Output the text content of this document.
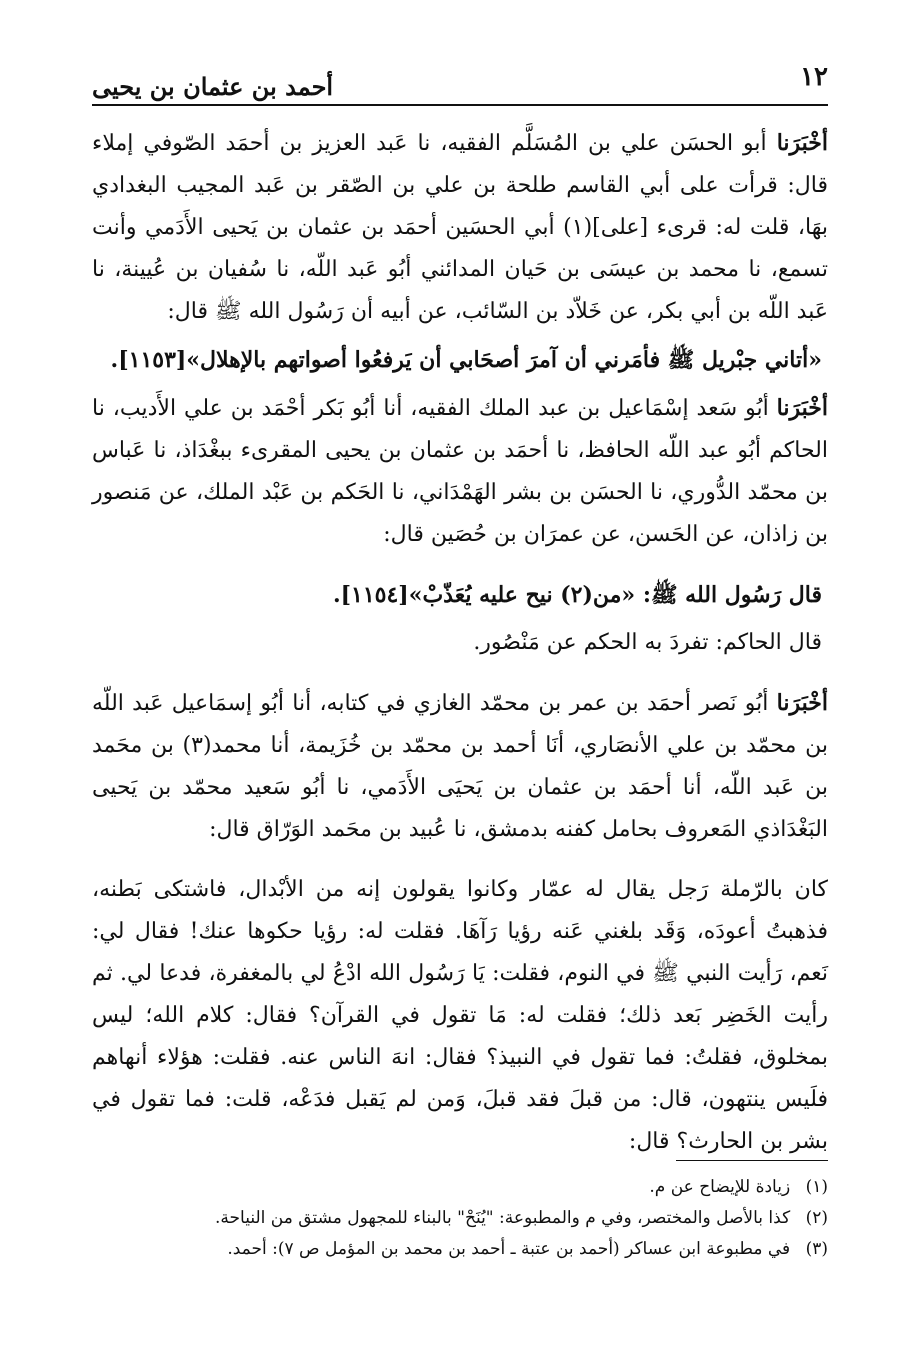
١٢
أحمد بن عثمان بن يحيى

أخْبَرَنا أبو الحسَن علي بن المُسَلَّم الفقيه، نا عَبد العزيز بن أحمَد الصّوفي إملاء قال: قرأت على أبي القاسم طلحة بن علي بن الصّقر بن عَبد المجيب البغدادي بهَا، قلت له: قرىء [على](١) أبي الحسَين أحمَد بن عثمان بن يَحيى الأَدَمي وأنت تسمع، نا محمد بن عيسَى بن حَيان المدائني أبُو عَبد اللّه، نا سُفيان بن عُيينة، نا عَبد اللّه بن أبي بكر، عن خَلاّد بن السّائب، عن أبيه أن رَسُول الله ﷺ قال:

«أتاني جبْريل ﷺ فأمَرني أن آمرَ أصحَابي أن يَرفعُوا أصواتهم بالإهلال»[١١٥٣].

أخْبَرَنا أبُو سَعد إسْمَاعيل بن عبد الملك الفقيه، أنا أبُو بَكر أحْمَد بن علي الأَديب، نا الحاكم أبُو عبد اللّه الحافظ، نا أحمَد بن عثمان بن يحيى المقرىء ببغْدَاذ، نا عَباس بن محمّد الدُّوري، نا الحسَن بن بشر الهَمْدَاني، نا الحَكم بن عَبْد الملك، عن مَنصور بن زاذان، عن الحَسن، عن عمرَان بن حُصَين قال:

قال رَسُول الله ﷺ: «من(٢) نيح عليه يُعَذّبْ»[١١٥٤].

قال الحاكم: تفردَ به الحكم عن مَنْصُور.

أخْبَرَنا أبُو نَصر أحمَد بن عمر بن محمّد الغازي في كتابه، أنا أبُو إسمَاعيل عَبد اللّه بن محمّد بن علي الأنصَاري، أنَا أحمد بن محمّد بن خُزَيمة، أنا محمد(٣) بن محَمد بن عَبد اللّه، أنا أحمَد بن عثمان بن يَحيَى الأَدَمي، نا أبُو سَعيد محمّد بن يَحيى البَغْدَاذي المَعروف بحامل كفنه بدمشق، نا عُبيد بن محَمد الوَرّاق قال:

كان بالرّملة رَجل يقال له عمّار وكانوا يقولون إنه من الأبْدال، فاشتكى بَطنه، فذهبتُ أعودَه، وَقَد بلغني عَنه رؤيا رَآهَا. فقلت له: رؤيا حكوها عنك! فقال لي: نَعم، رَأيت النبي ﷺ في النوم، فقلت: يَا رَسُول الله ادْعُ لي بالمغفرة، فدعا لي. ثم رأيت الخَضِر بَعد ذلك؛ فقلت له: مَا تقول في القرآن؟ فقال: كلام الله؛ ليس بمخلوق، فقلتُ: فما تقول في النبيذ؟ فقال: انهَ الناس عنه. فقلت: هؤلاء أنهاهم فلَيس ينتهون، قال: من قبلَ فقد قبلَ، وَمن لم يَقبل فدَعْه، قلت: فما تقول في بشر بن الحارث؟ قال:

(١) زيادة للإيضاح عن م.

(٢) كذا بالأصل والمختصر، وفي م والمطبوعة: "يُنَحْ" بالبناء للمجهول مشتق من النياحة.

(٣) في مطبوعة ابن عساكر (أحمد بن عتبة ـ أحمد بن محمد بن المؤمل ص ٧): أحمد.
